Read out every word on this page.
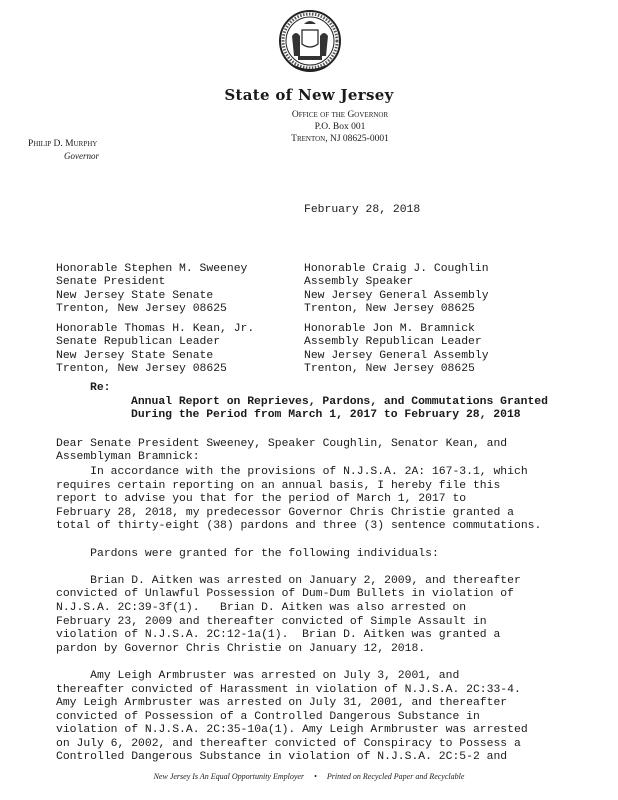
State of New Jersey
Office of the Governor
P.O. Box 001
Trenton, NJ 08625-0001
Philip D. Murphy
Governor
February 28, 2018

Honorable Stephen M. Sweeney
Senate President
New Jersey State Senate
Trenton, New Jersey 08625

Honorable Craig J. Coughlin
Assembly Speaker
New Jersey General Assembly
Trenton, New Jersey 08625

Honorable Thomas H. Kean, Jr.
Senate Republican Leader
New Jersey State Senate
Trenton, New Jersey 08625

Honorable Jon M. Bramnick
Assembly Republican Leader
New Jersey General Assembly
Trenton, New Jersey 08625

Re:

Annual Report on Reprieves, Pardons, and Commutations Granted
During the Period from March 1, 2017 to February 28, 2018

Dear Senate President Sweeney, Speaker Coughlin, Senator Kean, and
Assemblyman Bramnick:

In accordance with the provisions of N.J.S.A. 2A: 167-3.1, which
requires certain reporting on an annual basis, I hereby file this
report to advise you that for the period of March 1, 2017 to
February 28, 2018, my predecessor Governor Chris Christie granted a
total of thirty-eight (38) pardons and three (3) sentence commutations.
Pardons were granted for the following individuals:
Brian D. Aitken was arrested on January 2, 2009, and thereafter
convicted of Unlawful Possession of Dum-Dum Bullets in violation of
N.J.S.A. 2C:39-3f(1).   Brian D. Aitken was also arrested on
February 23, 2009 and thereafter convicted of Simple Assault in
violation of N.J.S.A. 2C:12-1a(1).  Brian D. Aitken was granted a
pardon by Governor Chris Christie on January 12, 2018.
Amy Leigh Armbruster was arrested on July 3, 2001, and
thereafter convicted of Harassment in violation of N.J.S.A. 2C:33-4.
Amy Leigh Armbruster was arrested on July 31, 2001, and thereafter
convicted of Possession of a Controlled Dangerous Substance in
violation of N.J.S.A. 2C:35-10a(1). Amy Leigh Armbruster was arrested
on July 6, 2002, and thereafter convicted of Conspiracy to Possess a
Controlled Dangerous Substance in violation of N.J.S.A. 2C:5-2 and
New Jersey Is An Equal Opportunity Employer • Printed on Recycled Paper and Recyclable
